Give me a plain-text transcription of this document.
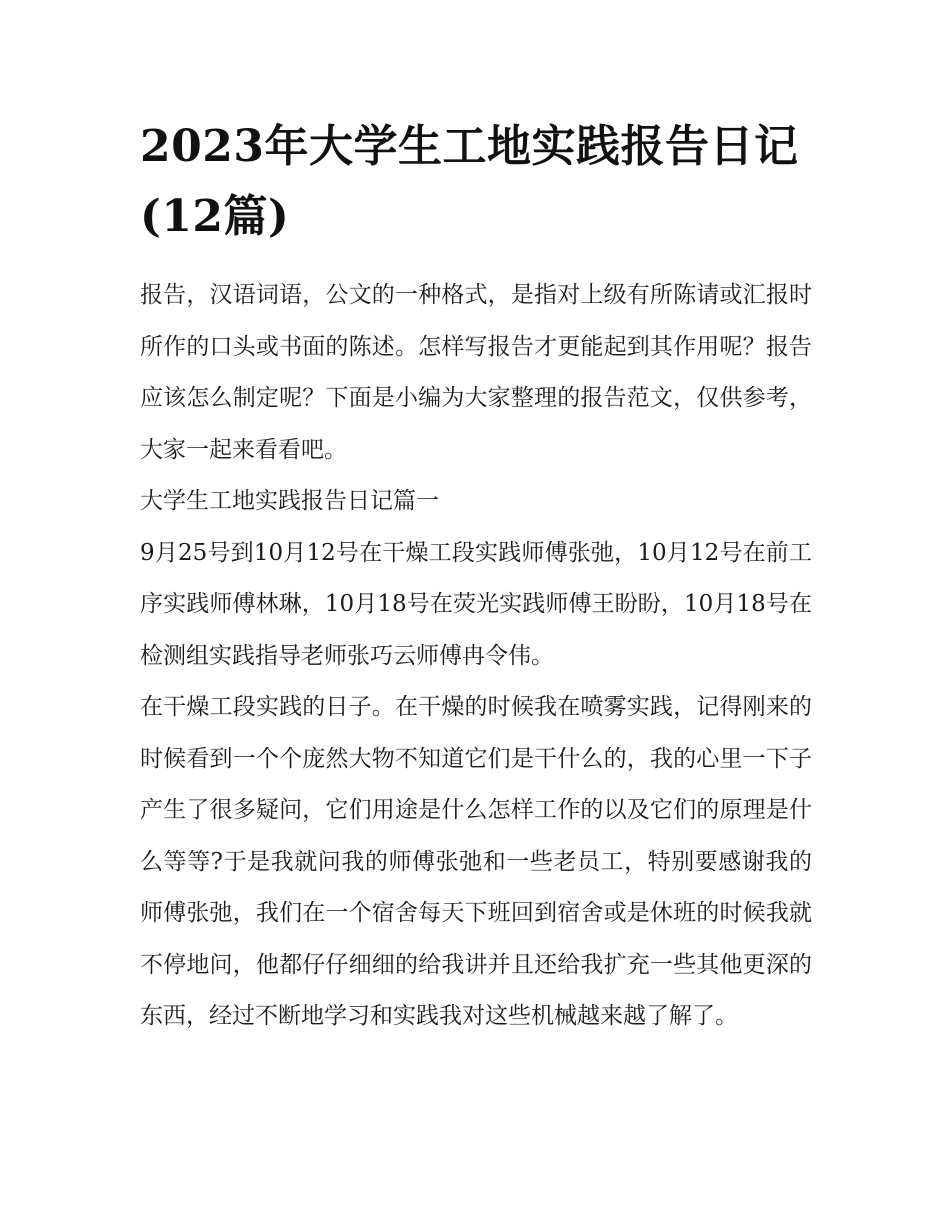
2023年大学生工地实践报告日记(12篇)

报告，汉语词语，公文的一种格式，是指对上级有所陈请或汇报时所作的口头或书面的陈述。怎样写报告才更能起到其作用呢？报告应该怎么制定呢？下面是小编为大家整理的报告范文，仅供参考，大家一起来看看吧。

大学生工地实践报告日记篇一

9月25号到10月12号在干燥工段实践师傅张弛，10月12号在前工序实践师傅林琳，10月18号在荧光实践师傅王盼盼，10月18号在检测组实践指导老师张巧云师傅冉令伟。

在干燥工段实践的日子。在干燥的时候我在喷雾实践，记得刚来的时候看到一个个庞然大物不知道它们是干什么的，我的心里一下子产生了很多疑问，它们用途是什么怎样工作的以及它们的原理是什么等等?于是我就问我的师傅张弛和一些老员工，特别要感谢我的师傅张弛，我们在一个宿舍每天下班回到宿舍或是休班的时候我就不停地问，他都仔仔细细的给我讲并且还给我扩充一些其他更深的东西，经过不断地学习和实践我对这些机械越来越了解了。
